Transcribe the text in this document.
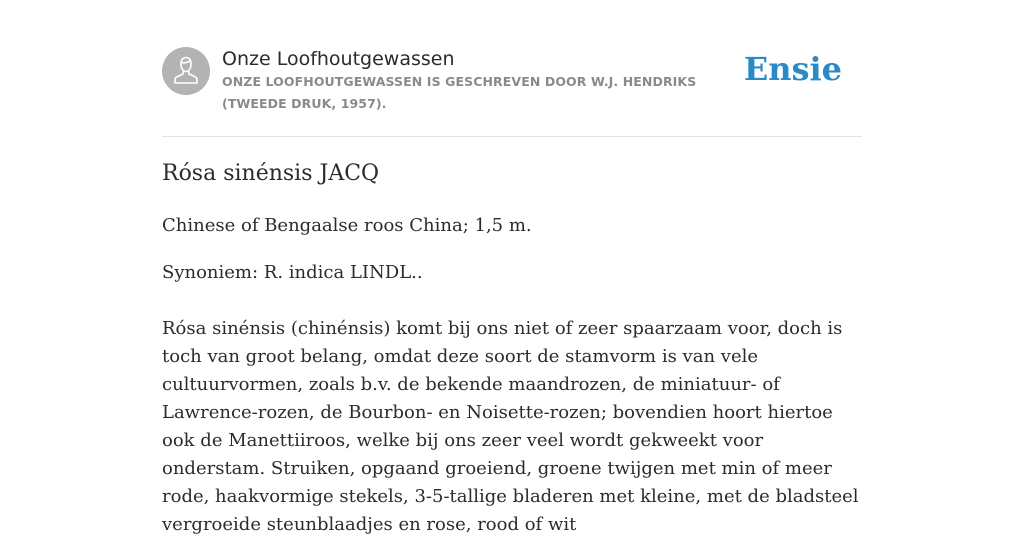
Onze Loofhoutgewassen
ONZE LOOFHOUTGEWASSEN IS GESCHREVEN DOOR W.J. HENDRIKS (TWEEDE DRUK, 1957).
Ensie
Rósa sinénsis JACQ

Chinese of Bengaalse roos China; 1,5 m.

Synoniem: R. indica LINDL..

Rósa sinénsis (chinénsis) komt bij ons niet of zeer spaarzaam voor, doch is toch van groot belang, omdat deze soort de stamvorm is van vele cultuurvormen, zoals b.v. de bekende maandrozen, de miniatuur- of Lawrence-rozen, de Bourbon- en Noisette-rozen; bovendien hoort hiertoe ook de Manettiiroos, welke bij ons zeer veel wordt gekweekt voor onderstam. Struiken, opgaand groeiend, groene twijgen met min of meer rode, haakvormige stekels, 3-5-tallige bladeren met kleine, met de bladsteel vergroeide steunblaadjes en rose, rood of wit
